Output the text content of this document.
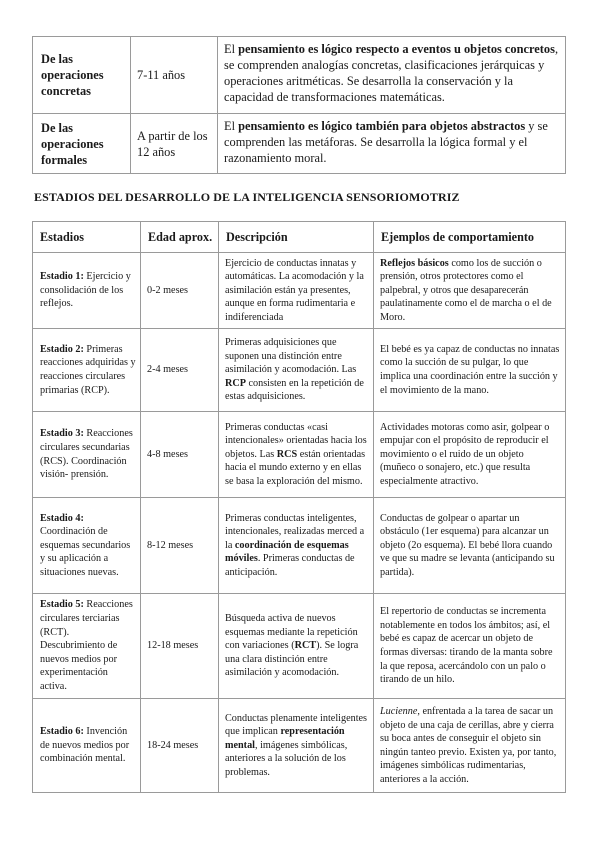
De las operaciones concretas	7-11 años	El pensamiento es lógico respecto a eventos u objetos concretos, se comprenden analogías concretas, clasificaciones jerárquicas y operaciones aritméticas. Se desarrolla la conservación y la capacidad de transformaciones matemáticas.
De las operaciones formales	A partir de los 12 años	El pensamiento es lógico también para objetos abstractos y se comprenden las metáforas. Se desarrolla la lógica formal y el razonamiento moral.
ESTADIOS DEL DESARROLLO DE LA INTELIGENCIA SENSORIOMOTRIZ
Estadios	Edad aprox.	Descripción	Ejemplos de comportamiento
Estadio 1: Ejercicio y consolidación de los reflejos.	0-2 meses	Ejercicio de conductas innatas y automáticas. La acomodación y la asimilación están ya presentes, aunque en forma rudimentaria e indiferenciada	Reflejos básicos como los de succión o prensión, otros protectores como el palpebral, y otros que desaparecerán paulatinamente como el de marcha o el de Moro.
Estadio 2: Primeras reacciones adquiridas y reacciones circulares primarias (RCP).	2-4 meses	Primeras adquisiciones que suponen una distinción entre asimilación y acomodación. Las RCP consisten en la repetición de estas adquisiciones.	El bebé es ya capaz de conductas no innatas como la succión de su pulgar, lo que implica una coordinación entre la succión y el movimiento de la mano.
Estadio 3: Reacciones circulares secundarias (RCS). Coordinación visión- prensión.	4-8 meses	Primeras conductas «casi intencionales» orientadas hacia los objetos. Las RCS están orientadas hacia el mundo externo y en ellas se basa la exploración del mismo.	Actividades motoras como asir, golpear o empujar con el propósito de reproducir el movimiento o el ruido de un objeto (muñeco o sonajero, etc.) que resulta especialmente atractivo.
Estadio 4: Coordinación de esquemas secundarios y su aplicación a situaciones nuevas.	8-12 meses	Primeras conductas inteligentes, intencionales, realizadas merced a la coordinación de esquemas móviles. Primeras conductas de anticipación.	Conductas de golpear o apartar un obstáculo (1er esquema) para alcanzar un objeto (2o esquema). El bebé llora cuando ve que su madre se levanta (anticipando su partida).
Estadio 5: Reacciones circulares terciarias (RCT). Descubrimiento de nuevos medios por experimentación activa.	12-18 meses	Búsqueda activa de nuevos esquemas mediante la repetición con variaciones (RCT). Se logra una clara distinción entre asimilación y acomodación.	El repertorio de conductas se incrementa notablemente en todos los ámbitos; así, el bebé es capaz de acercar un objeto de formas diversas: tirando de la manta sobre la que reposa, acercándolo con un palo o tirando de un hilo.
Estadio 6: Invención de nuevos medios por combinación mental.	18-24 meses	Conductas plenamente inteligentes que implican representación mental, imágenes simbólicas, anteriores a la solución de los problemas.	Lucienne, enfrentada a la tarea de sacar un objeto de una caja de cerillas, abre y cierra su boca antes de conseguir el objeto sin ningún tanteo previo. Existen ya, por tanto, imágenes simbólicas rudimentarias, anteriores a la acción.
